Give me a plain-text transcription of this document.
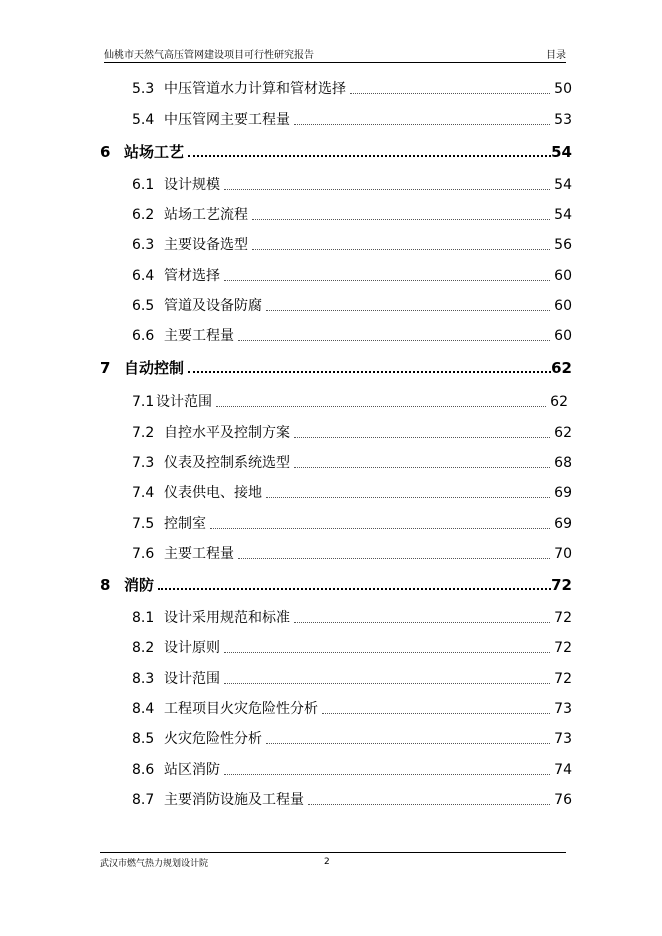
仙桃市天然气高压管网建设项目可行性研究报告	目录
5.3 中压管道水力计算和管材选择	50
5.4 中压管网主要工程量	53
6 站场工艺	54
6.1 设计规模	54
6.2 站场工艺流程	54
6.3 主要设备选型	56
6.4 管材选择	60
6.5 管道及设备防腐	60
6.6 主要工程量	60
7 自动控制	62
7.1 设计范围	62
7.2 自控水平及控制方案	62
7.3 仪表及控制系统选型	68
7.4 仪表供电、接地	69
7.5 控制室	69
7.6 主要工程量	70
8 消防	72
8.1 设计采用规范和标准	72
8.2 设计原则	72
8.3 设计范围	72
8.4 工程项目火灾危险性分析	73
8.5 火灾危险性分析	73
8.6 站区消防	74
8.7 主要消防设施及工程量	76
武汉市燃气热力规划设计院	2
